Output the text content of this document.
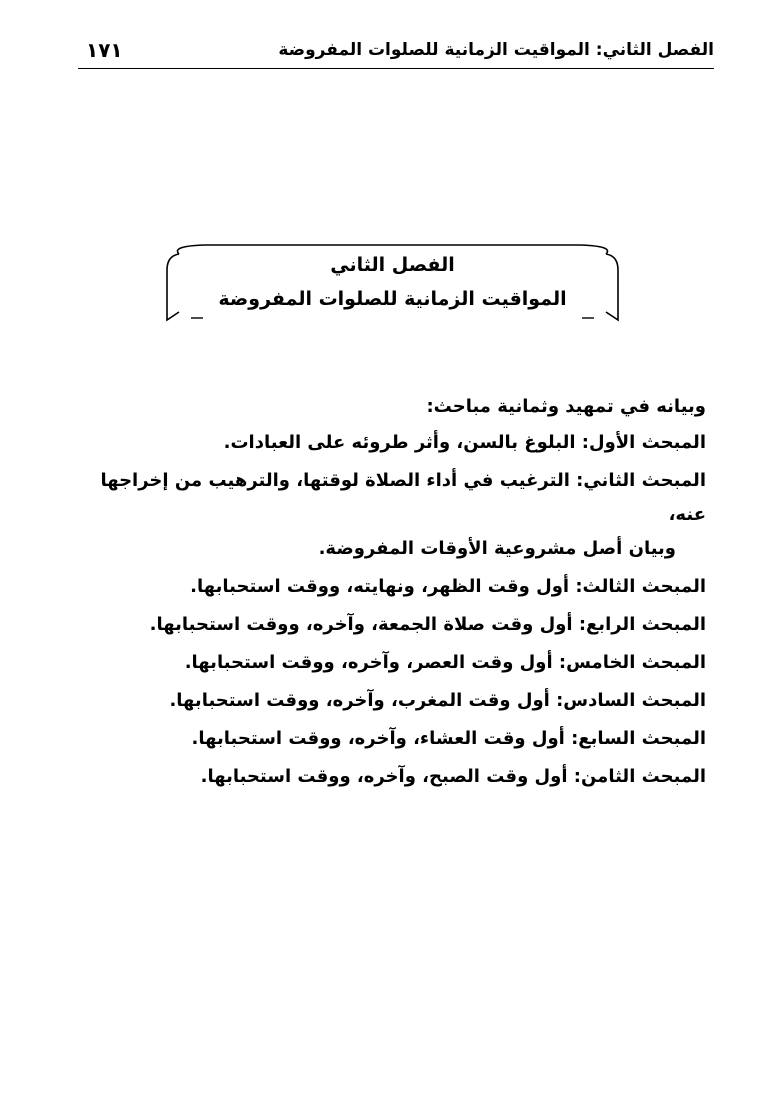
الفصل الثاني: المواقيت الزمانية للصلوات المفروضة
١٧١
الفصل الثاني
المواقيت الزمانية للصلوات المفروضة
وبيانه في تمهيد وثمانية مباحث:
المبحث الأول: البلوغ بالسن، وأثر طروئه على العبادات.
المبحث الثاني: الترغيب في أداء الصلاة لوقتها، والترهيب من إخراجها عنه،
وبيان أصل مشروعية الأوقات المفروضة.
المبحث الثالث: أول وقت الظهر، ونهايته، ووقت استحبابها.
المبحث الرابع: أول وقت صلاة الجمعة، وآخره، ووقت استحبابها.
المبحث الخامس: أول وقت العصر، وآخره، ووقت استحبابها.
المبحث السادس: أول وقت المغرب، وآخره، ووقت استحبابها.
المبحث السابع: أول وقت العشاء، وآخره، ووقت استحبابها.
المبحث الثامن: أول وقت الصبح، وآخره، ووقت استحبابها.
